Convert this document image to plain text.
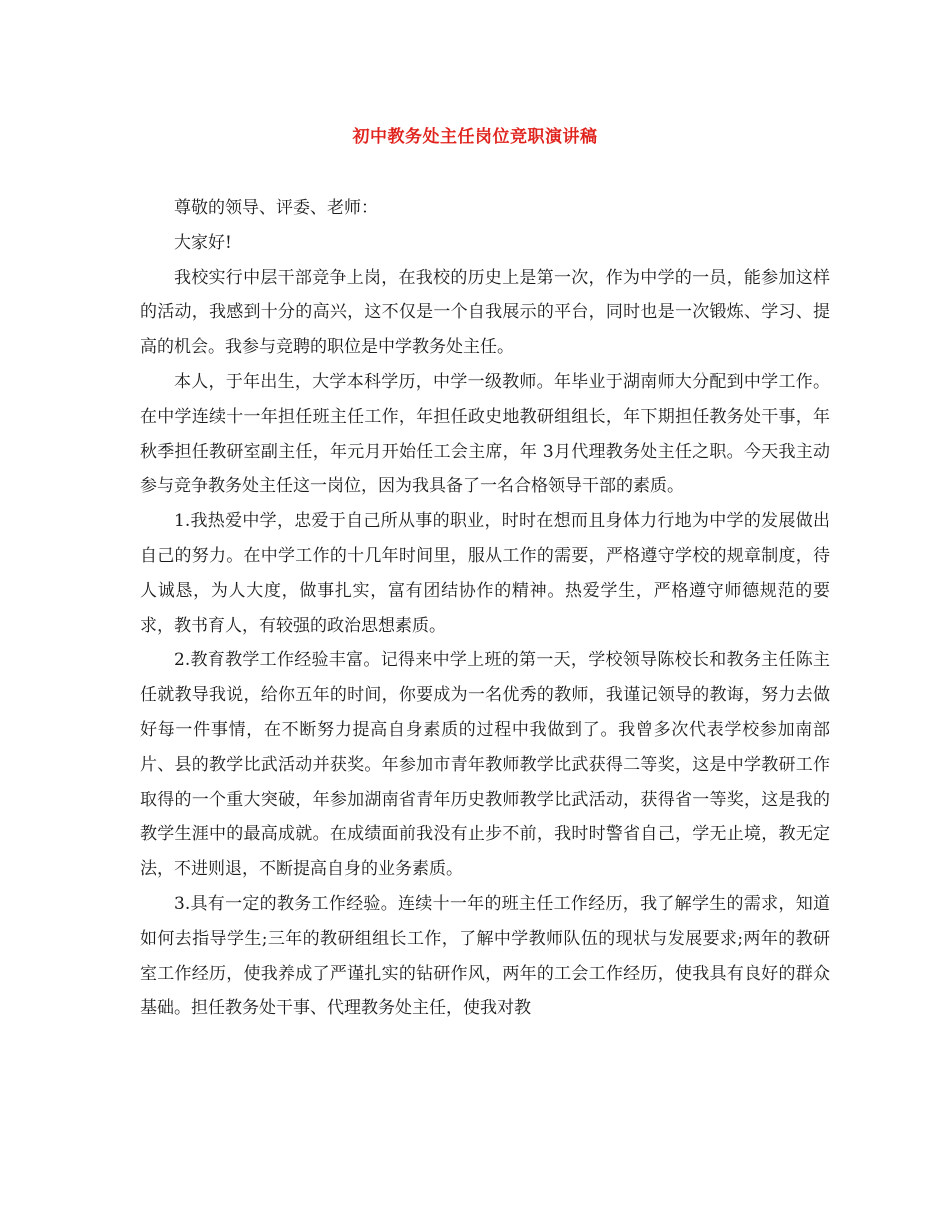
初中教务处主任岗位竞职演讲稿

尊敬的领导、评委、老师：

大家好!

我校实行中层干部竞争上岗，在我校的历史上是第一次，作为中学的一员，能参加这样的活动，我感到十分的高兴，这不仅是一个自我展示的平台，同时也是一次锻炼、学习、提高的机会。我参与竞聘的职位是中学教务处主任。

本人，于年出生，大学本科学历，中学一级教师。年毕业于湖南师大分配到中学工作。在中学连续十一年担任班主任工作，年担任政史地教研组组长，年下期担任教务处干事，年秋季担任教研室副主任，年元月开始任工会主席，年 3月代理教务处主任之职。今天我主动参与竞争教务处主任这一岗位，因为我具备了一名合格领导干部的素质。

1.我热爱中学，忠爱于自己所从事的职业，时时在想而且身体力行地为中学的发展做出自己的努力。在中学工作的十几年时间里，服从工作的需要，严格遵守学校的规章制度，待人诚恳，为人大度，做事扎实，富有团结协作的精神。热爱学生，严格遵守师德规范的要求，教书育人，有较强的政治思想素质。

2.教育教学工作经验丰富。记得来中学上班的第一天，学校领导陈校长和教务主任陈主任就教导我说，给你五年的时间，你要成为一名优秀的教师，我谨记领导的教诲，努力去做好每一件事情，在不断努力提高自身素质的过程中我做到了。我曾多次代表学校参加南部片、县的教学比武活动并获奖。年参加市青年教师教学比武获得二等奖，这是中学教研工作取得的一个重大突破，年参加湖南省青年历史教师教学比武活动，获得省一等奖，这是我的教学生涯中的最高成就。在成绩面前我没有止步不前，我时时警省自己，学无止境，教无定法，不进则退，不断提高自身的业务素质。

3.具有一定的教务工作经验。连续十一年的班主任工作经历，我了解学生的需求，知道如何去指导学生;三年的教研组组长工作，了解中学教师队伍的现状与发展要求;两年的教研室工作经历，使我养成了严谨扎实的钻研作风，两年的工会工作经历，使我具有良好的群众基础。担任教务处干事、代理教务处主任，使我对教
